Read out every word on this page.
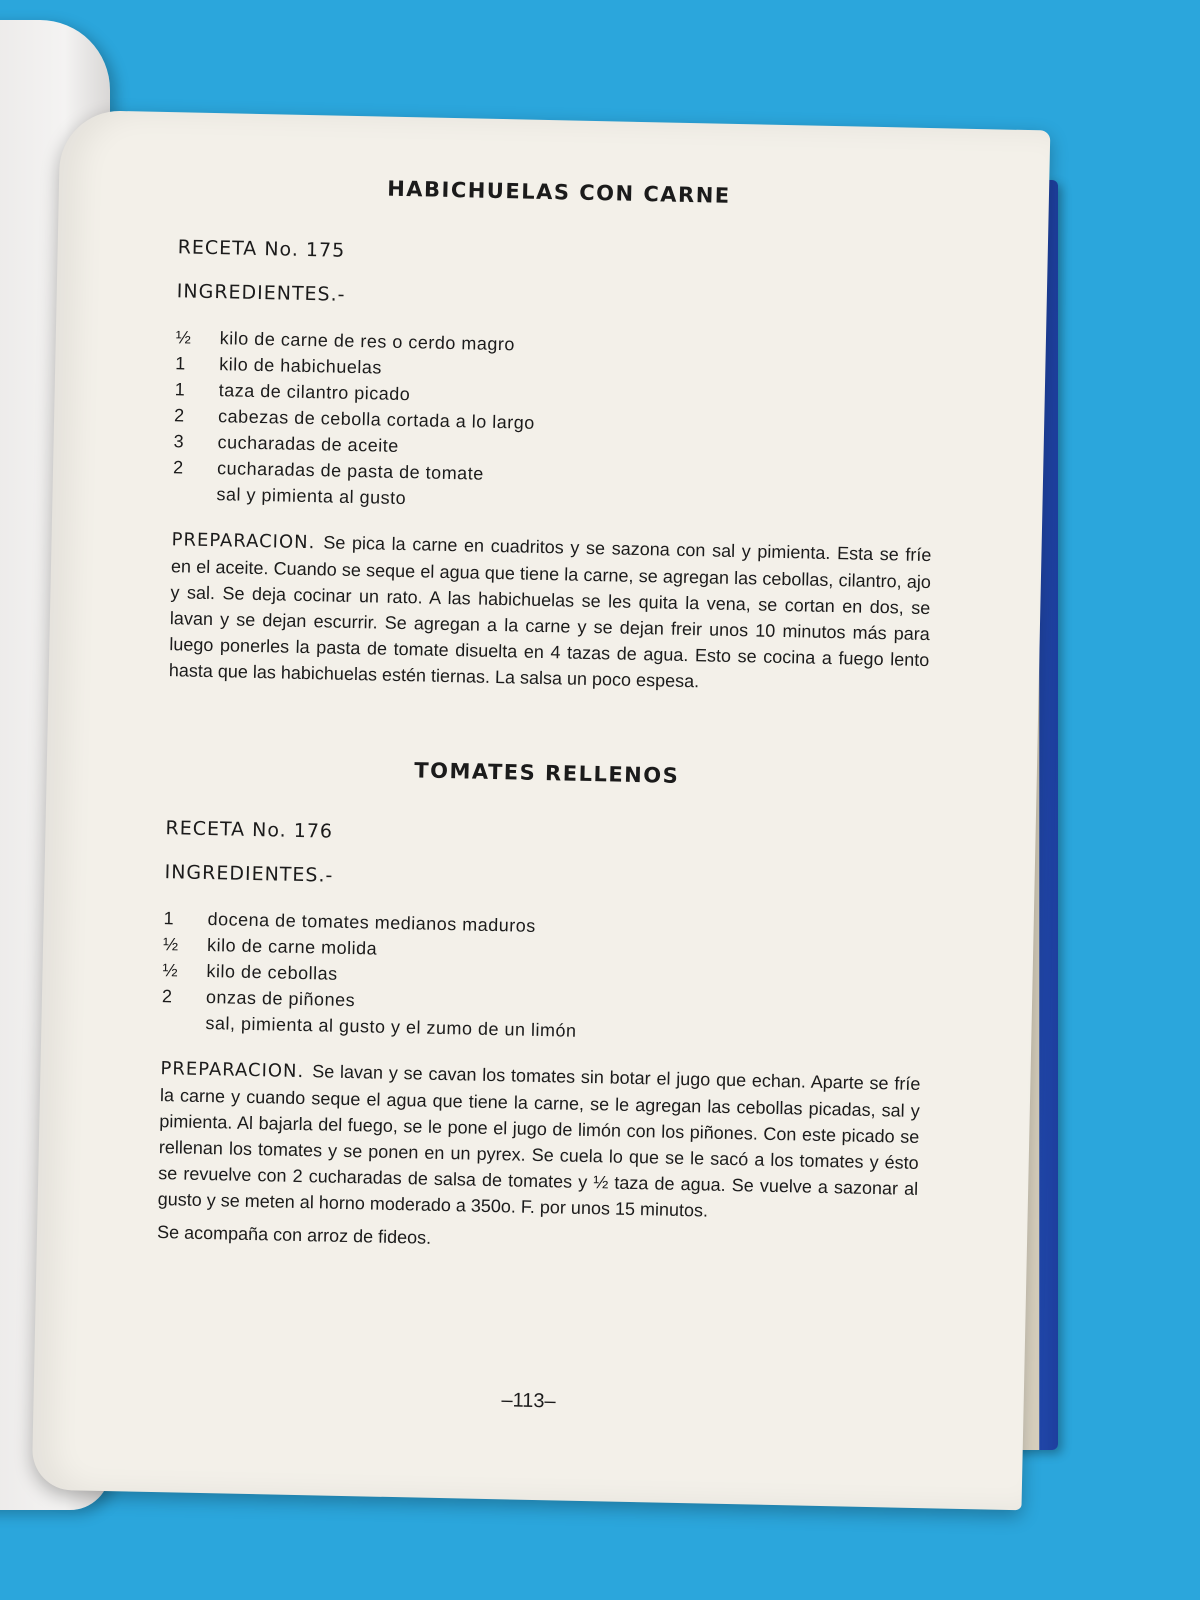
HABICHUELAS CON CARNE

RECETA No. 175

INGREDIENTES.-

½	kilo de carne de res o cerdo magro
1	kilo de habichuelas
1	taza de cilantro picado
2	cabezas de cebolla cortada a lo largo
3	cucharadas de aceite
2	cucharadas de pasta de tomate
sal y pimienta al gusto

PREPARACION. Se pica la carne en cuadritos y se sazona con sal y pimienta. Esta se fríe en el aceite. Cuando se seque el agua que tiene la carne, se agregan las cebollas, cilantro, ajo y sal. Se deja cocinar un rato. A las habichuelas se les quita la vena, se cortan en dos, se lavan y se dejan escurrir. Se agregan a la carne y se dejan freir unos 10 minutos más para luego ponerles la pasta de tomate disuelta en 4 tazas de agua. Esto se cocina a fuego lento hasta que las habichuelas estén tiernas. La salsa un poco espesa.

TOMATES RELLENOS

RECETA No. 176

INGREDIENTES.-

1	docena de tomates medianos maduros
½	kilo de carne molida
½	kilo de cebollas
2	onzas de piñones
sal, pimienta al gusto y el zumo de un limón

PREPARACION. Se lavan y se cavan los tomates sin botar el jugo que echan. Aparte se fríe la carne y cuando seque el agua que tiene la carne, se le agregan las cebollas picadas, sal y pimienta. Al bajarla del fuego, se le pone el jugo de limón con los piñones. Con este picado se rellenan los tomates y se ponen en un pyrex. Se cuela lo que se le sacó a los tomates y ésto se revuelve con 2 cucharadas de salsa de tomates y ½ taza de agua. Se vuelve a sazonar al gusto y se meten al horno moderado a 350o. F. por unos 15 minutos.

Se acompaña con arroz de fideos.

–113–
